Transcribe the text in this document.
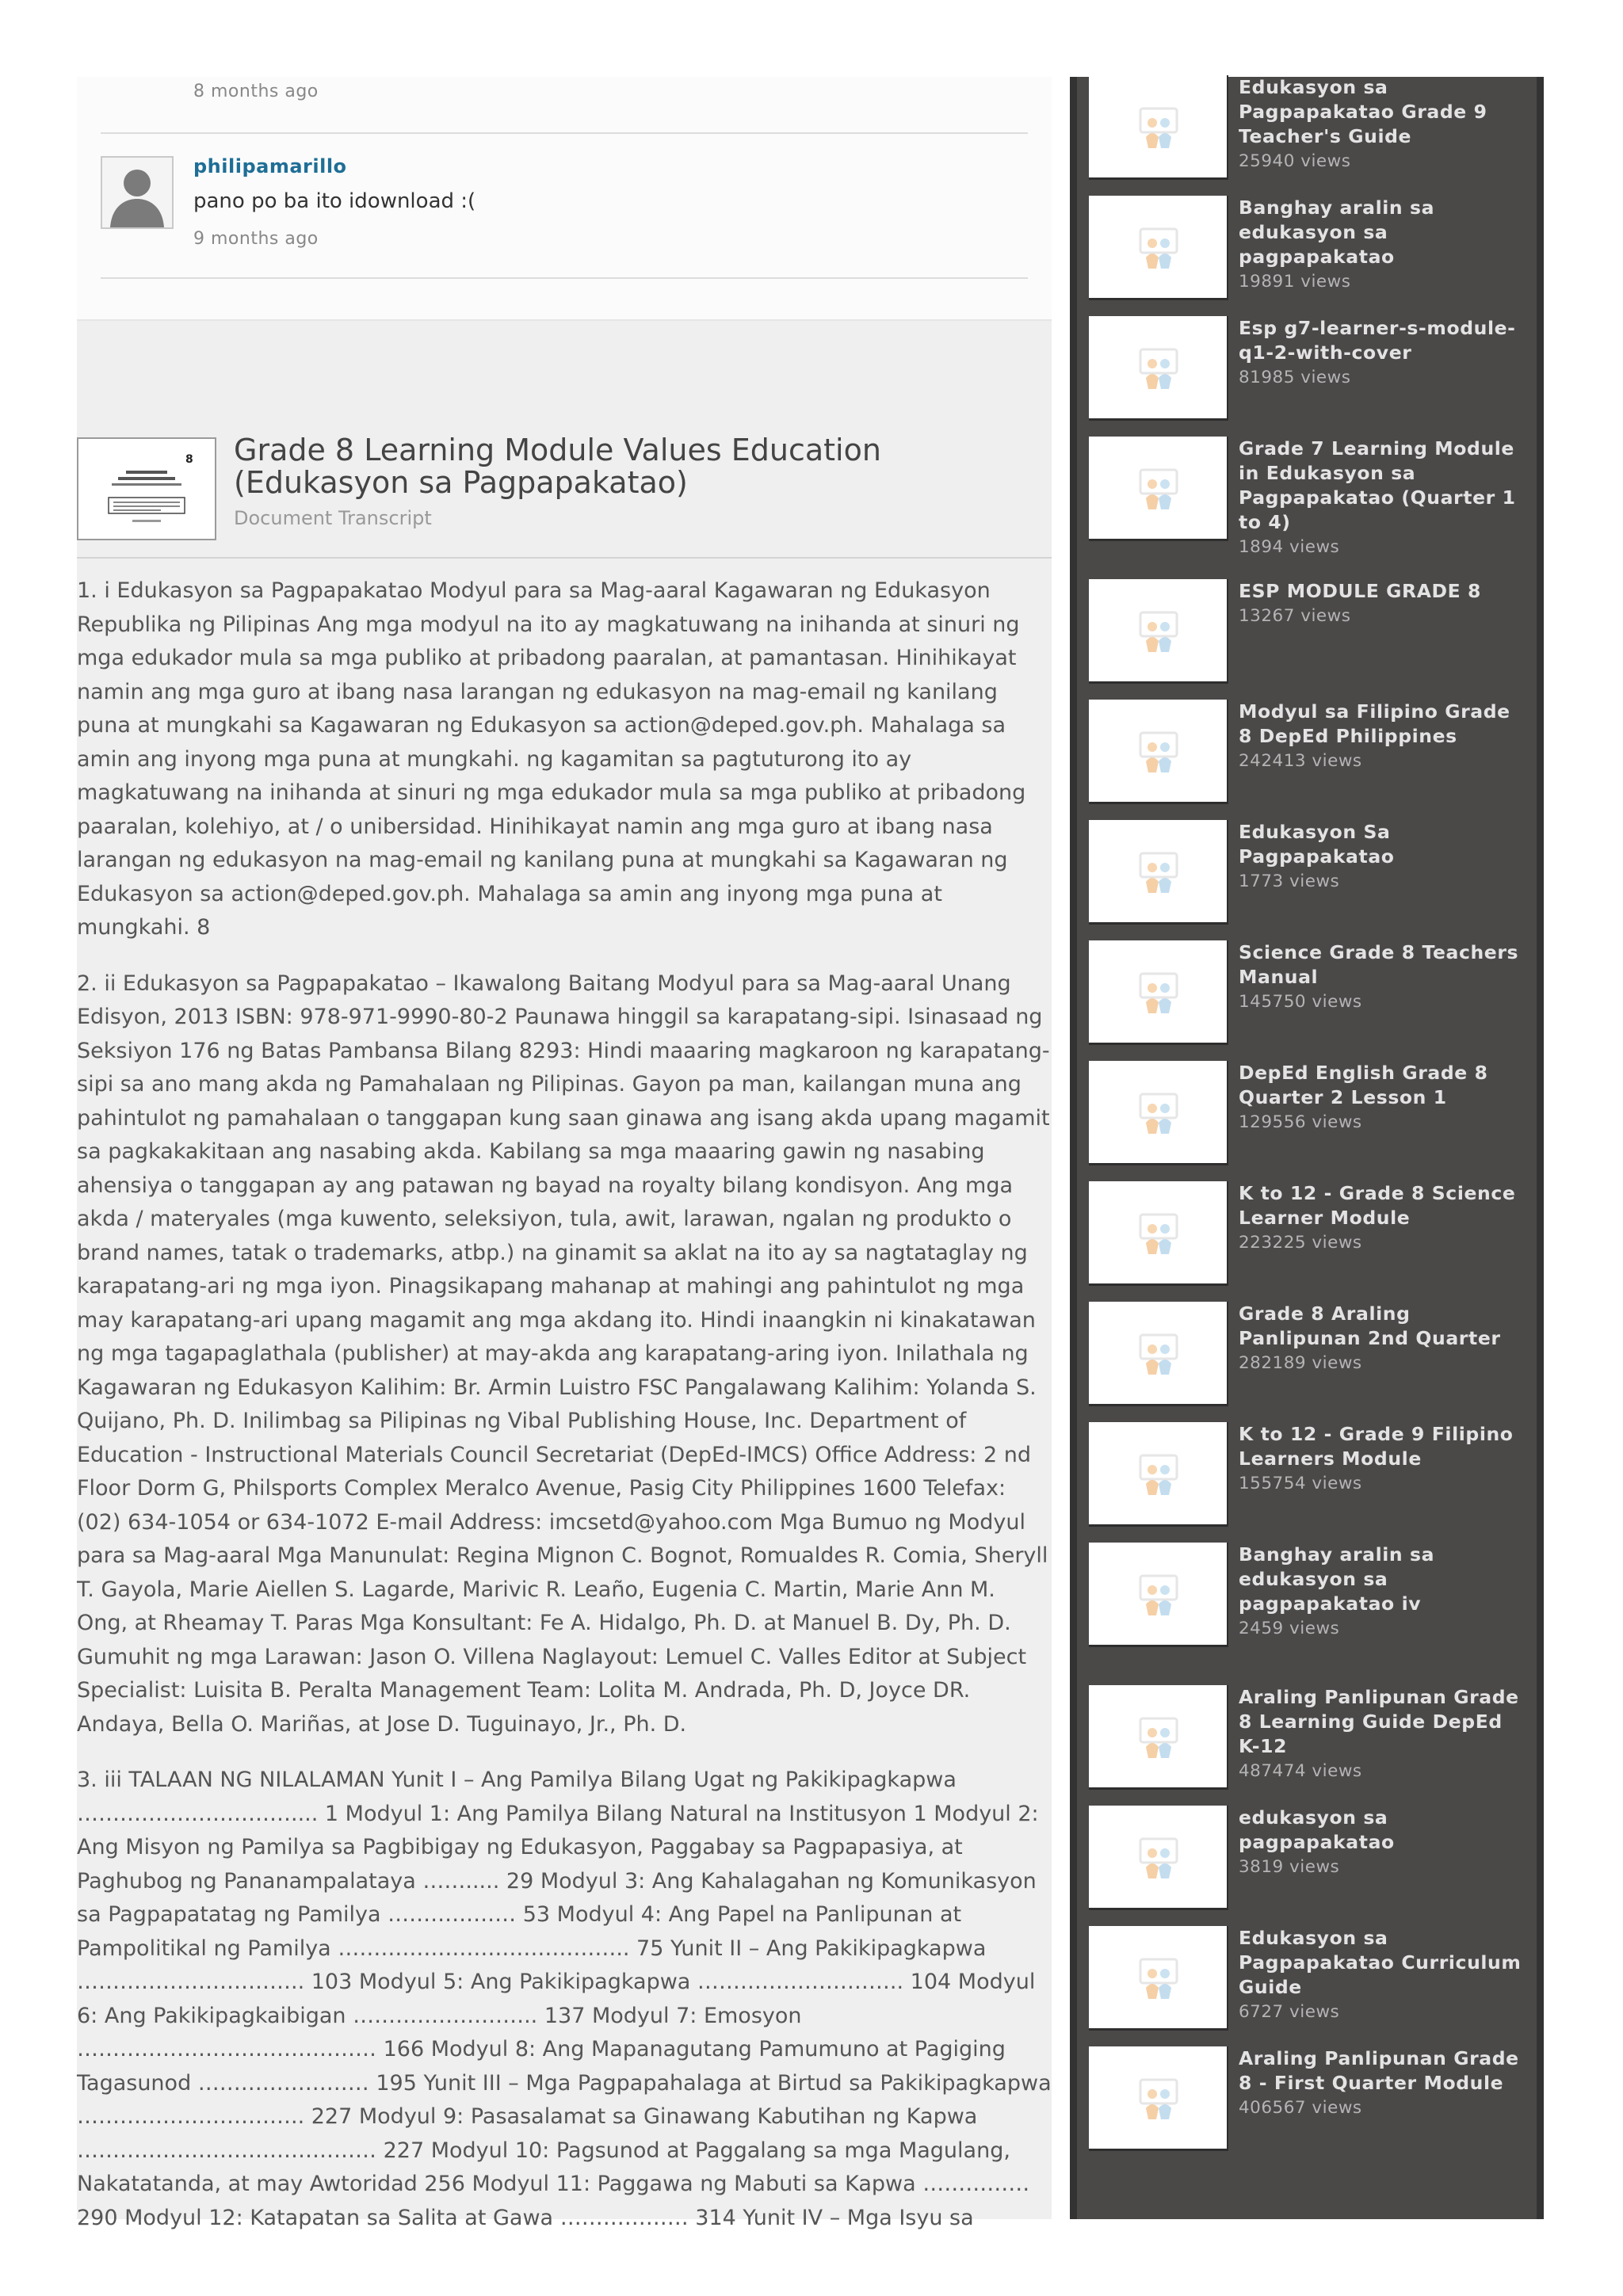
8 months ago
philipamarillo
pano po ba ito idownload :(
9 months ago
8 Grade 8 Learning Module Values Education (Edukasyon sa Pagpapakatao)
Document Transcript

1. i Edukasyon sa Pagpapakatao Modyul para sa Mag-aaral Kagawaran ng Edukasyon Republika ng Pilipinas Ang mga modyul na ito ay magkatuwang na inihanda at sinuri ng mga edukador mula sa mga publiko at pribadong paaralan, at pamantasan. Hinihikayat namin ang mga guro at ibang nasa larangan ng edukasyon na mag-email ng kanilang puna at mungkahi sa Kagawaran ng Edukasyon sa action@deped.gov.ph. Mahalaga sa amin ang inyong mga puna at mungkahi. ng kagamitan sa pagtuturong ito ay magkatuwang na inihanda at sinuri ng mga edukador mula sa mga publiko at pribadong paaralan, kolehiyo, at / o unibersidad. Hinihikayat namin ang mga guro at ibang nasa larangan ng edukasyon na mag-email ng kanilang puna at mungkahi sa Kagawaran ng Edukasyon sa action@deped.gov.ph. Mahalaga sa amin ang inyong mga puna at mungkahi. 8

2. ii Edukasyon sa Pagpapakatao – Ikawalong Baitang Modyul para sa Mag-aaral Unang Edisyon, 2013 ISBN: 978-971-9990-80-2 Paunawa hinggil sa karapatang-sipi. Isinasaad ng Seksiyon 176 ng Batas Pambansa Bilang 8293: Hindi maaaring magkaroon ng karapatang-sipi sa ano mang akda ng Pamahalaan ng Pilipinas. Gayon pa man, kailangan muna ang pahintulot ng pamahalaan o tanggapan kung saan ginawa ang isang akda upang magamit sa pagkakakitaan ang nasabing akda. Kabilang sa mga maaaring gawin ng nasabing ahensiya o tanggapan ay ang patawan ng bayad na royalty bilang kondisyon. Ang mga akda / materyales (mga kuwento, seleksiyon, tula, awit, larawan, ngalan ng produkto o brand names, tatak o trademarks, atbp.) na ginamit sa aklat na ito ay sa nagtataglay ng karapatang-ari ng mga iyon. Pinagsikapang mahanap at mahingi ang pahintulot ng mga may karapatang-ari upang magamit ang mga akdang ito. Hindi inaangkin ni kinakatawan ng mga tagapaglathala (publisher) at may-akda ang karapatang-aring iyon. Inilathala ng Kagawaran ng Edukasyon Kalihim: Br. Armin Luistro FSC Pangalawang Kalihim: Yolanda S. Quijano, Ph. D. Inilimbag sa Pilipinas ng Vibal Publishing House, Inc. Department of Education - Instructional Materials Council Secretariat (DepEd-IMCS) Office Address: 2 nd Floor Dorm G, Philsports Complex Meralco Avenue, Pasig City Philippines 1600 Telefax: (02) 634-1054 or 634-1072 E-mail Address: imcsetd@yahoo.com Mga Bumuo ng Modyul para sa Mag-aaral Mga Manunulat: Regina Mignon C. Bognot, Romualdes R. Comia, Sheryll T. Gayola, Marie Aiellen S. Lagarde, Marivic R. Leaño, Eugenia C. Martin, Marie Ann M. Ong, at Rheamay T. Paras Mga Konsultant: Fe A. Hidalgo, Ph. D. at Manuel B. Dy, Ph. D. Gumuhit ng mga Larawan: Jason O. Villena Naglayout: Lemuel C. Valles Editor at Subject Specialist: Luisita B. Peralta Management Team: Lolita M. Andrada, Ph. D, Joyce DR. Andaya, Bella O. Mariñas, at Jose D. Tuguinayo, Jr., Ph. D.

3. iii TALAAN NG NILALAMAN Yunit I – Ang Pamilya Bilang Ugat ng Pakikipagkapwa ………………………….... 1 Modyul 1: Ang Pamilya Bilang Natural na Institusyon 1 Modyul 2: Ang Misyon ng Pamilya sa Pagbibigay ng Edukasyon, Paggabay sa Pagpapasiya, at Paghubog ng Pananampalataya ……..... 29 Modyul 3: Ang Kahalagahan ng Komunikasyon sa Pagpapatatag ng Pamilya ……………… 53 Modyul 4: Ang Papel na Panlipunan at Pampolitikal ng Pamilya ………………………………….. 75 Yunit II – Ang Pakikipagkapwa ………………………….. 103 Modyul 5: Ang Pakikipagkapwa ……………………….. 104 Modyul 6: Ang Pakikipagkaibigan …………………….. 137 Modyul 7: Emosyon …………………………………… 166 Modyul 8: Ang Mapanagutang Pamumuno at Pagiging Tagasunod …………………… 195 Yunit III – Mga Pagpapahalaga at Birtud sa Pakikipagkapwa ………………………….. 227 Modyul 9: Pasasalamat sa Ginawang Kabutihan ng Kapwa …………………………………… 227 Modyul 10: Pagsunod at Paggalang sa mga Magulang, Nakatatanda, at may Awtoridad 256 Modyul 11: Paggawa ng Mabuti sa Kapwa …………… 290 Modyul 12: Katapatan sa Salita at Gawa ……………… 314 Yunit IV – Mga Isyu sa

Edukasyon sa Pagpapakatao Grade 9 Teacher's Guide
25940 views
Banghay aralin sa edukasyon sa pagpapakatao
19891 views
Esp g7-learner-s-module-q1-2-with-cover
81985 views
Grade 7 Learning Module in Edukasyon sa Pagpapakatao (Quarter 1 to 4)
1894 views
ESP MODULE GRADE 8
13267 views
Modyul sa Filipino Grade 8 DepEd Philippines
242413 views
Edukasyon Sa Pagpapakatao
1773 views
Science Grade 8 Teachers Manual
145750 views
DepEd English Grade 8 Quarter 2 Lesson 1
129556 views
K to 12 - Grade 8 Science Learner Module
223225 views
Grade 8 Araling Panlipunan 2nd Quarter
282189 views
K to 12 - Grade 9 Filipino Learners Module
155754 views
Banghay aralin sa edukasyon sa pagpapakatao iv
2459 views
Araling Panlipunan Grade 8 Learning Guide DepEd K-12
487474 views
edukasyon sa pagpapakatao
3819 views
Edukasyon sa Pagpapakatao Curriculum Guide
6727 views
Araling Panlipunan Grade 8 - First Quarter Module
406567 views
